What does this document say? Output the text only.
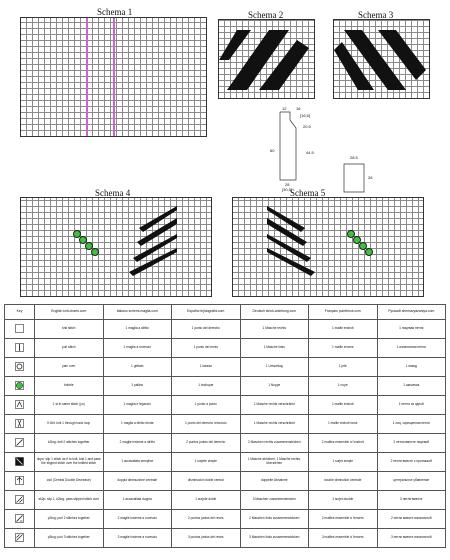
Schema 1	Schema 2	Schema 3
Schema 4	Schema 5
12 16
[16,5]
20.5
60	44.5
28
[30,5]
28.5
26
Key	English knit-charts.com	Italiano schemi-maglia.com	Español tejidografia.com	Deutsch strick-anleitung.com	Français pointtricot.com	Русский shemavyazaniya.com
	knit stitch	1 maglia a diritto	1 punto del derecho	1 Masche rechts	1 maille endroit	1 лицевая петля
	purl stitch	1 maglia a rovescio	1 punto del revés	1 Masche links	1 maille envers	1 изнаночная петля
	yarn over	1 gettato	1 lazada	1 Umschlag	1 jeté	1 накид
	bobble	1 pallino	1 bodoque	1 Noppe	1 nope	1 шишечка
	1 st in same stitch (yo)	1 maglia e legaccio	1 punto a punto	1 Masche rechts verschränkt	1 maille endroit	1 петля из одной
	K1tbl: knit 1 through back loop	1 maglia a diritto ritorta	1 punto del derecho retorcido	1 Masche rechts verschränkt	1 maille endroit torse	1 лиц. скрещенная петля
	k2tog: knit 2 stitches together	2 maglie insieme a diritto	2 puntos juntos del derecho	2 Maschen rechts zusammenstricken	2 mailles ensemble à l'endroit	2 петли вместе лицевой
	skpo: slip 1 stitch as if to knit, knit 1 and pass the slipped stitch over the knitted stitch	1 accavallata semplice	1 surjete simple	1 Masche abheben, 1 Masche rechts, überziehen	1 surjet simple	2 петли вместе с протяжкой
	cdd (Central Double Decrease)	doppia diminuzione centrale	disminución doble central	doppelte Abnahme	double diminution centrale	центральное убавление
	sk2p: slip 1, k2tog, pass slipped stitch over	1 accavallata doppia	1 surjete doble	3 Maschen zusammenstricken	1 surjet double	3 петли вместе
	p2tog: purl 2 stitches together	2 maglie insieme a rovescio	2 puntos juntos del revés	2 Maschen links zusammenstricken	2 mailles ensemble à l'envers	2 петли вместе изнаночной
	p3tog: purl 3 stitches together	3 maglie insieme a rovescio	3 puntos juntos del revés	3 Maschen links zusammenstricken	3 mailles ensemble à l'envers	3 петли вместе изнаночной
